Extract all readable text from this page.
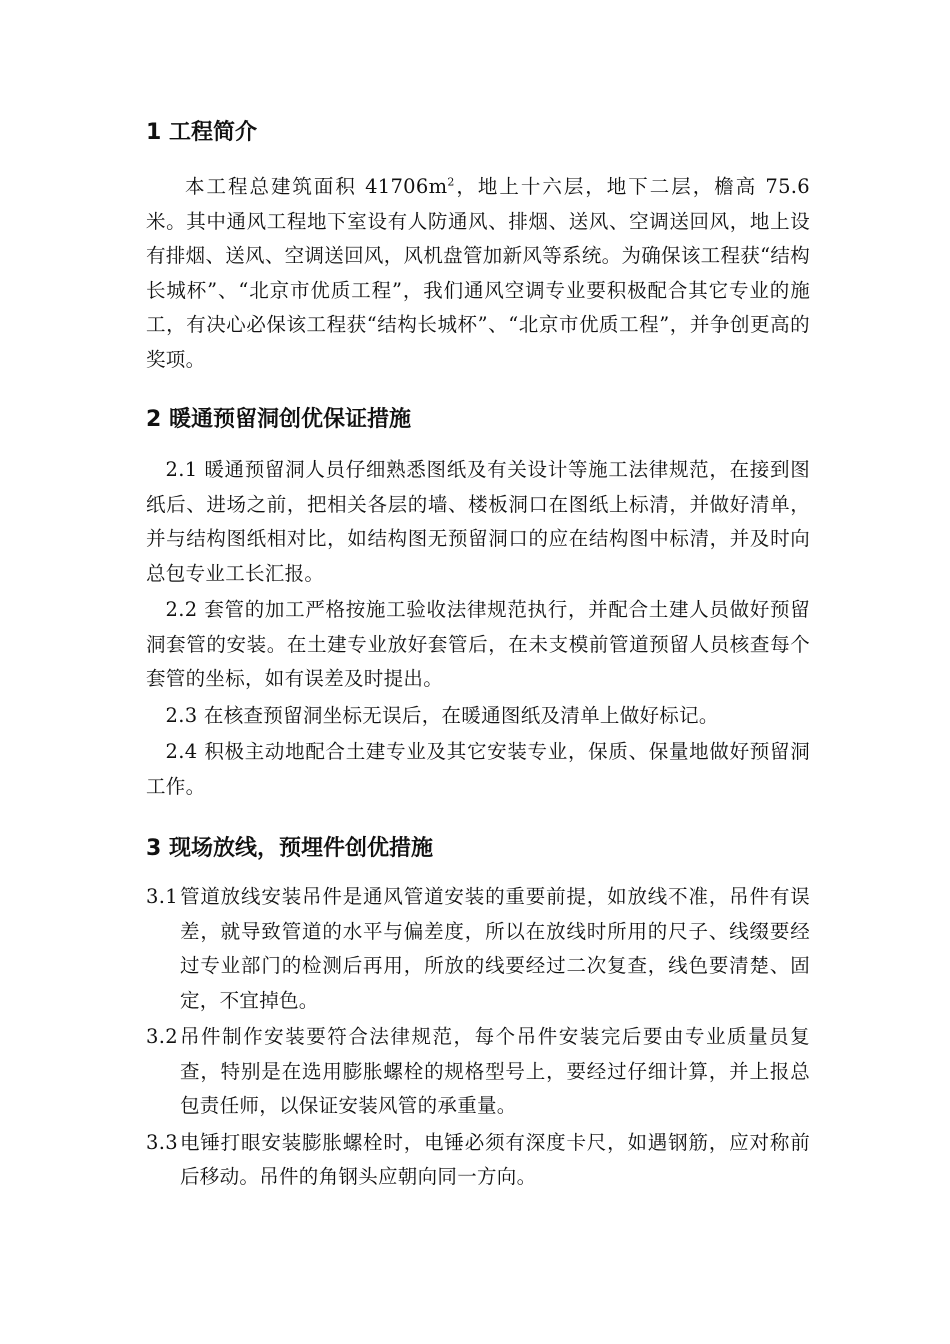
1 工程简介

本工程总建筑面积 $41706m^2$，地上十六层，地下二层，檐高 75.6 米。其中通风工程地下室设有人防通风、排烟、送风、空调送回风，地上设有排烟、送风、空调送回风，风机盘管加新风等系统。为确保该工程获“结构长城杯”、“北京市优质工程”，我们通风空调专业要积极配合其它专业的施工，有决心必保该工程获“结构长城杯”、“北京市优质工程”，并争创更高的奖项。

2 暖通预留洞创优保证措施

2.1 暖通预留洞人员仔细熟悉图纸及有关设计等施工法律规范，在接到图纸后、进场之前，把相关各层的墙、楼板洞口在图纸上标清，并做好清单，并与结构图纸相对比，如结构图无预留洞口的应在结构图中标清，并及时向总包专业工长汇报。

2.2 套管的加工严格按施工验收法律规范执行，并配合土建人员做好预留洞套管的安装。在土建专业放好套管后，在未支模前管道预留人员核查每个套管的坐标，如有误差及时提出。

2.3 在核查预留洞坐标无误后，在暖通图纸及清单上做好标记。

2.4 积极主动地配合土建专业及其它安装专业，保质、保量地做好预留洞工作。

3 现场放线，预埋件创优措施
3.1 管道放线安装吊件是通风管道安装的重要前提，如放线不准，吊件有误差，就导致管道的水平与偏差度，所以在放线时所用的尺子、线缀要经过专业部门的检测后再用，所放的线要经过二次复查，线色要清楚、固定，不宜掉色。
3.2 吊件制作安装要符合法律规范，每个吊件安装完后要由专业质量员复查，特别是在选用膨胀螺栓的规格型号上，要经过仔细计算，并上报总包责任师，以保证安装风管的承重量。
3.3 电锤打眼安装膨胀螺栓时，电锤必须有深度卡尺，如遇钢筋，应对称前后移动。吊件的角钢头应朝向同一方向。
